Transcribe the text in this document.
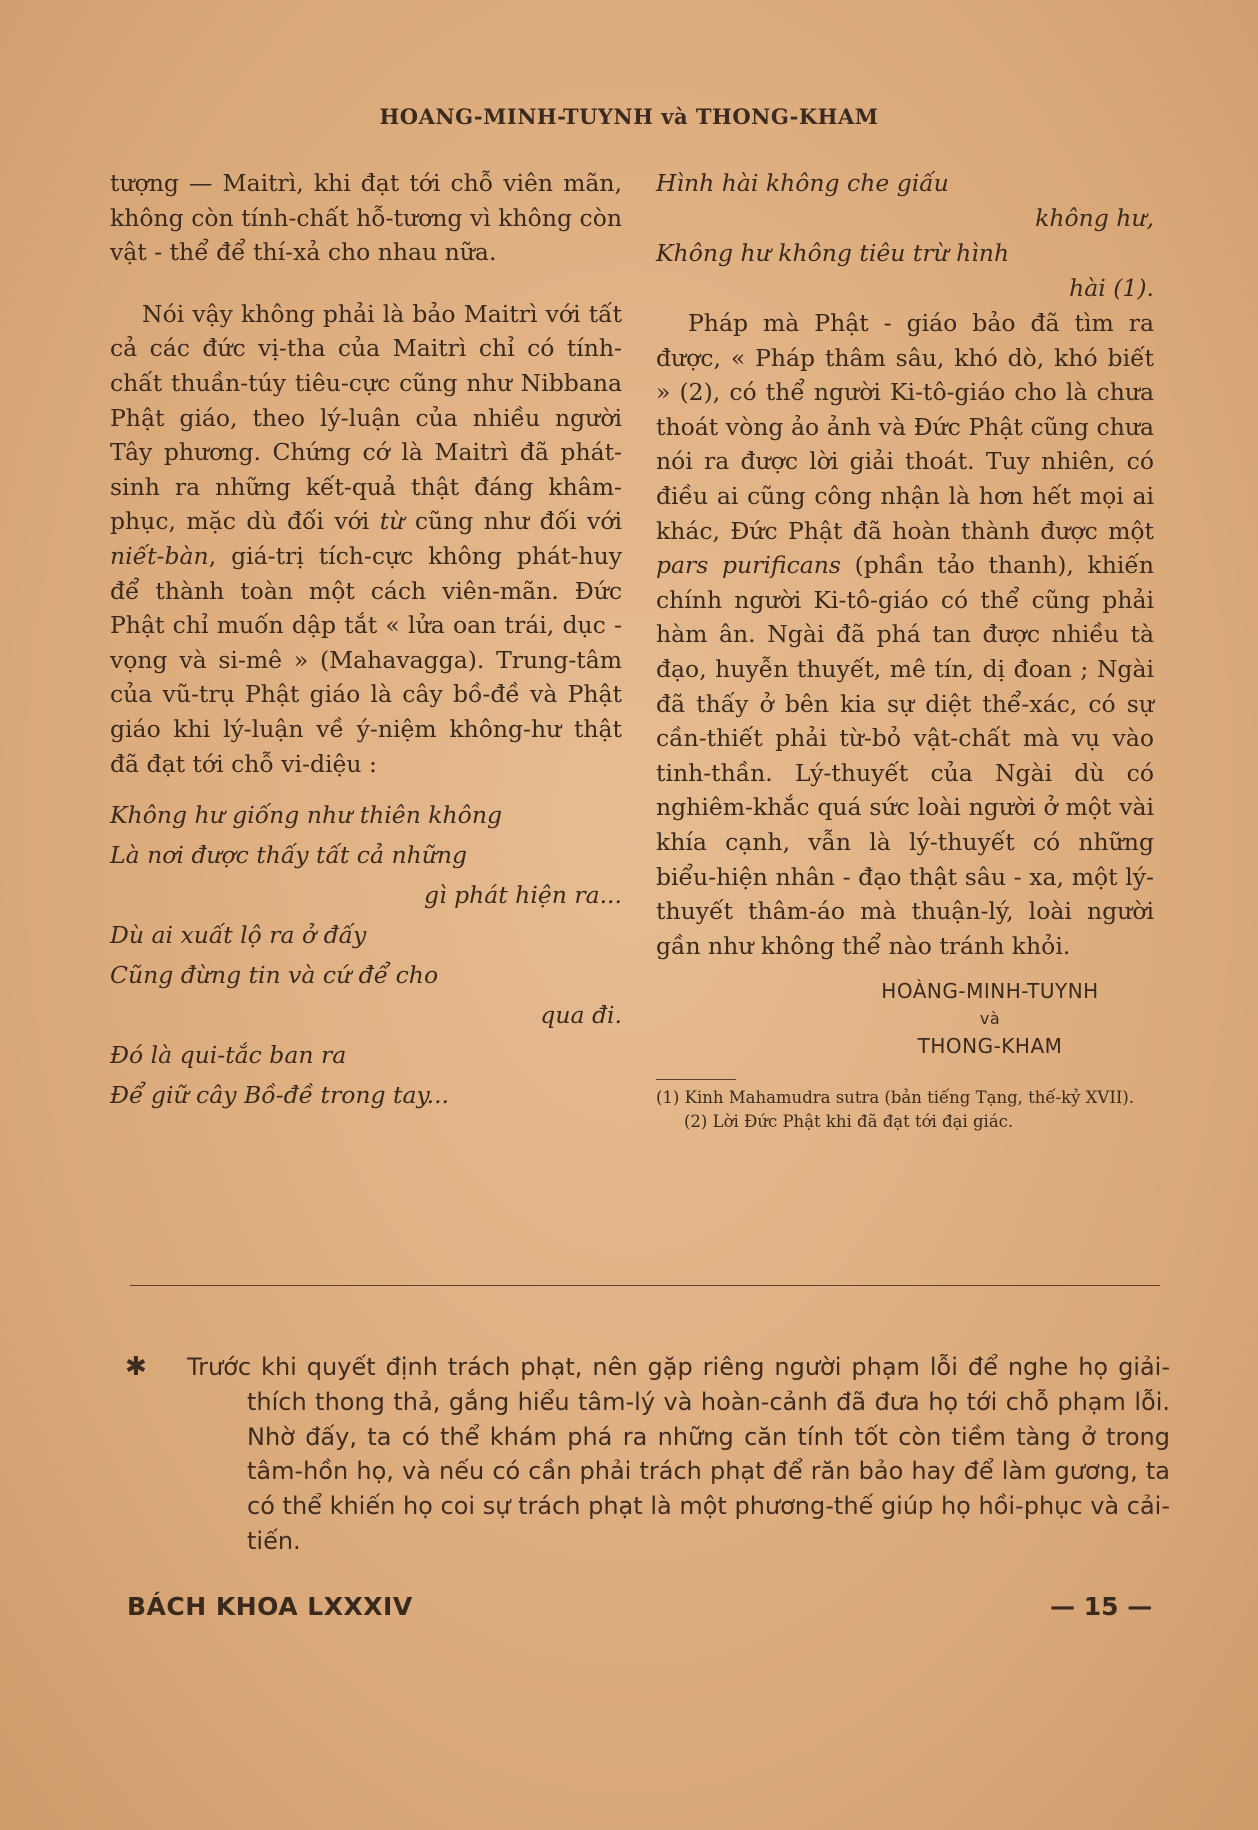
HOANG-MINH-TUYNH và THONG-KHAM

tượng — Maitrì, khi đạt tới chỗ viên mãn, không còn tính-chất hỗ-tương vì không còn vật - thể để thí-xả cho nhau nữa.

Nói vậy không phải là bảo Maitrì với tất cả các đức vị-tha của Maitrì chỉ có tính-chất thuần-túy tiêu-cực cũng như Nibbana Phật giáo, theo lý-luận của nhiều người Tây phương. Chứng cớ là Maitrì đã phát-sinh ra những kết-quả thật đáng khâm-phục, mặc dù đối với từ cũng như đối với niết-bàn, giá-trị tích-cực không phát-huy để thành toàn một cách viên-mãn. Đức Phật chỉ muốn dập tắt « lửa oan trái, dục - vọng và si-mê » (Mahavagga). Trung-tâm của vũ-trụ Phật giáo là cây bồ-đề và Phật giáo khi lý-luận về ý-niệm không-hư thật đã đạt tới chỗ vi-diệu :

Không hư giống như thiên không
Là nơi được thấy tất cả những
gì phát hiện ra...
Dù ai xuất lộ ra ở đấy
Cũng đừng tin và cứ để cho
qua đi.
Đó là qui-tắc ban ra
Để giữ cây Bồ-đề trong tay...
Hình hài không che giấu
không hư,
Không hư không tiêu trừ hình
hài (1).

Pháp mà Phật - giáo bảo đã tìm ra được, « Pháp thâm sâu, khó dò, khó biết » (2), có thể người Ki-tô-giáo cho là chưa thoát vòng ảo ảnh và Đức Phật cũng chưa nói ra được lời giải thoát. Tuy nhiên, có điều ai cũng công nhận là hơn hết mọi ai khác, Đức Phật đã hoàn thành được một pars purificans (phần tảo thanh), khiến chính người Ki-tô-giáo có thể cũng phải hàm ân. Ngài đã phá tan được nhiều tà đạo, huyễn thuyết, mê tín, dị đoan ; Ngài đã thấy ở bên kia sự diệt thể-xác, có sự cần-thiết phải từ-bỏ vật-chất mà vụ vào tinh-thần. Lý-thuyết của Ngài dù có nghiêm-khắc quá sức loài người ở một vài khía cạnh, vẫn là lý-thuyết có những biểu-hiện nhân - đạo thật sâu - xa, một lý-thuyết thâm-áo mà thuận-lý, loài người gần như không thể nào tránh khỏi.

HOÀNG-MINH-TUYNH
và
THONG-KHAM
(1) Kinh Mahamudra sutra (bản tiếng Tạng, thế-kỷ XVII).
(2) Lời Đức Phật khi đã đạt tới đại giác.
✱	Trước khi quyết định trách phạt, nên gặp riêng người phạm lỗi để nghe họ giải-thích thong thả, gắng hiểu tâm-lý và hoàn-cảnh đã đưa họ tới chỗ phạm lỗi. Nhờ đấy, ta có thể khám phá ra những căn tính tốt còn tiềm tàng ở trong tâm-hồn họ, và nếu có cần phải trách phạt để răn bảo hay để làm gương, ta có thể khiến họ coi sự trách phạt là một phương-thế giúp họ hồi-phục và cải-tiến.
BÁCH KHOA LXXXIV	— 15 —
